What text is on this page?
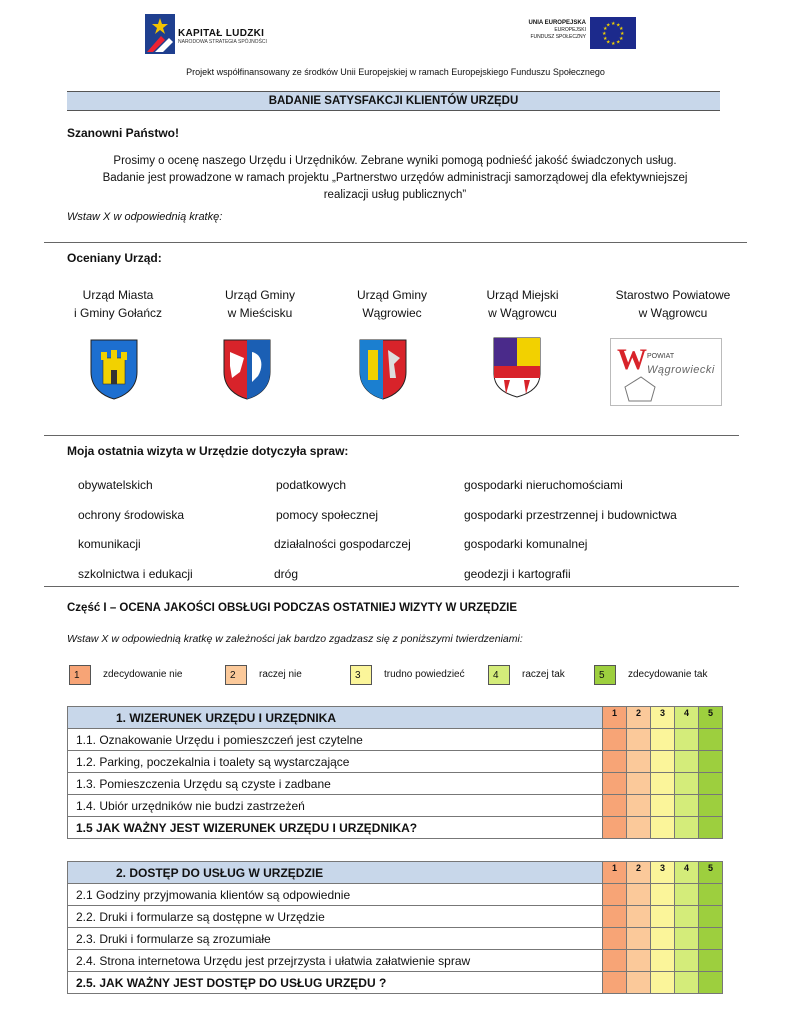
KAPITAŁ LUDZKI
NARODOWA STRATEGIA SPÓJNOŚCI
UNIA EUROPEJSKA
EUROPEJSKI
FUNDUSZ SPOŁECZNY
★ ★
★
★
★
★
★
★
★
★
★
★
Projekt współfinansowany ze środków Unii Europejskiej w ramach Europejskiego Funduszu Społecznego
BADANIE SATYSFAKCJI KLIENTÓW URZĘDU
Szanowni Państwo!
Prosimy o ocenę naszego Urzędu i Urzędników. Zebrane wyniki pomogą podnieść jakość świadczonych usług.
Badanie jest prowadzone w ramach projektu „Partnerstwo urzędów administracji samorządowej dla efektywniejszej
realizacji usług publicznych”
Wstaw X w odpowiednią kratkę:
Oceniany Urząd:
Urząd Miasta
i Gminy Gołańcz
Urząd Gminy
w Mieścisku
Urząd Gminy
Wągrowiec
Urząd Miejski
w Wągrowcu
Starostwo Powiatowe
w Wągrowcu
W POWIAT
Wągrowiecki
Moja ostatnia wizyta w Urzędzie dotyczyła spraw:
obywatelskich	podatkowych	gospodarki nieruchomościami
ochrony środowiska	pomocy społecznej	gospodarki przestrzennej i budownictwa
komunikacji	działalności gospodarczej	gospodarki komunalnej
szkolnictwa i edukacji	dróg	geodezji i kartografii
Część I – OCENA JAKOŚCI OBSŁUGI PODCZAS OSTATNIEJ WIZYTY W URZĘDZIE
Wstaw X w odpowiednią kratkę w zależności jak bardzo zgadzasz się z poniższymi twierdzeniami:
1	zdecydowanie nie	2	raczej nie	3	trudno powiedzieć	4	raczej tak	5	zdecydowanie tak
1. WIZERUNEK URZĘDU I URZĘDNIKA	1	2	3	4	5
1.1. Oznakowanie Urzędu i pomieszczeń jest czytelne					
1.2. Parking, poczekalnia i toalety są wystarczające					
1.3. Pomieszczenia Urzędu są czyste i zadbane					
1.4. Ubiór urzędników nie budzi zastrzeżeń					
1.5 JAK WAŻNY JEST WIZERUNEK URZĘDU I URZĘDNIKA?					
2. DOSTĘP DO USŁUG W URZĘDZIE	1	2	3	4	5
2.1 Godziny przyjmowania klientów są odpowiednie					
2.2. Druki i formularze są dostępne w Urzędzie					
2.3. Druki i formularze są zrozumiałe					
2.4. Strona internetowa Urzędu jest przejrzysta i ułatwia załatwienie spraw					
2.5. JAK WAŻNY JEST DOSTĘP DO USŁUG URZĘDU ?					
